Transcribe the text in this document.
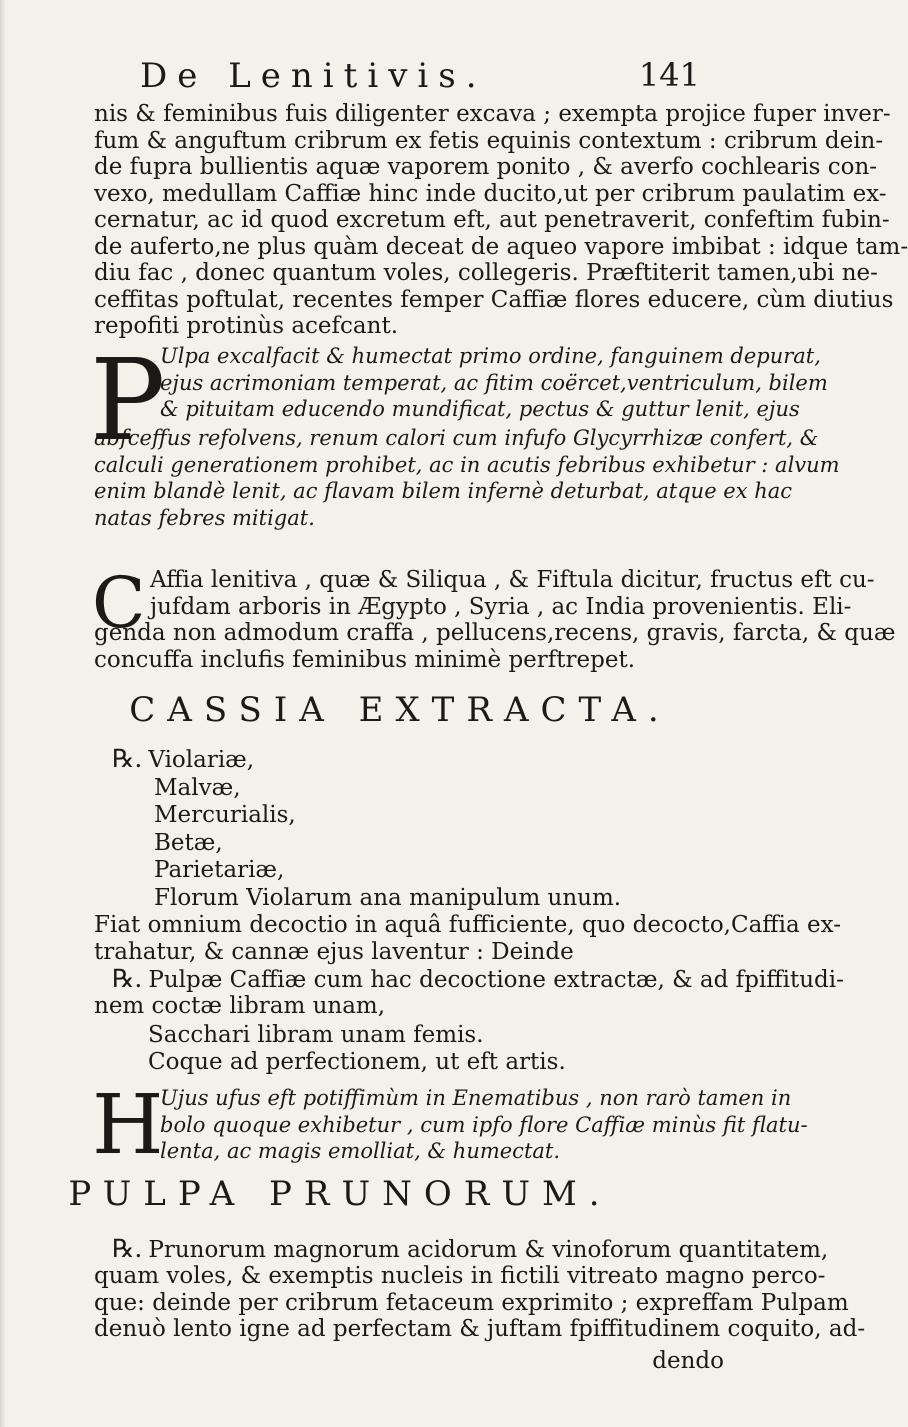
De Lenitivis.	141
nis & feminibus fuis diligenter excava ; exempta projice fuper inver-
fum & anguftum cribrum ex fetis equinis contextum : cribrum dein-
de fupra bullientis aquæ vaporem ponito , & averfo cochlearis con-
vexo, medullam Caffiæ hinc inde ducito,ut per cribrum paulatim ex-
cernatur, ac id quod excretum eft, aut penetraverit, confeftim fubin-
de auferto,ne plus quàm deceat de aqueo vapore imbibat : idque tam-
diu fac , donec quantum voles, collegeris. Præftiterit tamen,ubi ne-
ceffitas poftulat, recentes femper Caffiæ flores educere, cùm diutius
repofiti protinùs acefcant.
P
Ulpa excalfacit & humectat primo ordine, fanguinem depurat,
ejus acrimoniam temperat, ac fitim coërcet,ventriculum, bilem
& pituitam educendo mundificat, pectus & guttur lenit, ejus
abfceffus refolvens, renum calori cum infufo Glycyrrhizæ confert, &
calculi generationem prohibet, ac in acutis febribus exhibetur : alvum
enim blandè lenit, ac flavam bilem infernè deturbat, atque ex hac
natas febres mitigat.
C Affia lenitiva , quæ & Siliqua , & Fiftula dicitur, fructus eft cu-
jufdam arboris in Ægypto , Syria , ac India provenientis. Eli-
genda non admodum craffa , pellucens,recens, gravis, farcta, & quæ
concuffa inclufis feminibus minimè perftrepet.
CASSIA EXTRACTA.
℞. Violariæ,
Malvæ,
Mercurialis,
Betæ,
Parietariæ,
Florum Violarum ana manipulum unum.
Fiat omnium decoctio in aquâ fufficiente, quo decocto,Caffia ex-
trahatur, & cannæ ejus laventur : Deinde
℞. Pulpæ Caffiæ cum hac decoctione extractæ, & ad fpiffitudi-
nem coctæ libram unam,
Sacchari libram unam femis.
Coque ad perfectionem, ut eft artis.
H
Ujus ufus eft potiffimùm in Enematibus , non rarò tamen in
bolo quoque exhibetur , cum ipfo flore Caffiæ minùs fit flatu-
lenta, ac magis emolliat, & humectat.
PULPA PRUNORUM.
℞. Prunorum magnorum acidorum & vinoforum quantitatem,
quam voles, & exemptis nucleis in fictili vitreato magno perco-
que: deinde per cribrum fetaceum exprimito ; expreffam Pulpam
denuò lento igne ad perfectam & juftam fpiffitudinem coquito, ad-
dendo
